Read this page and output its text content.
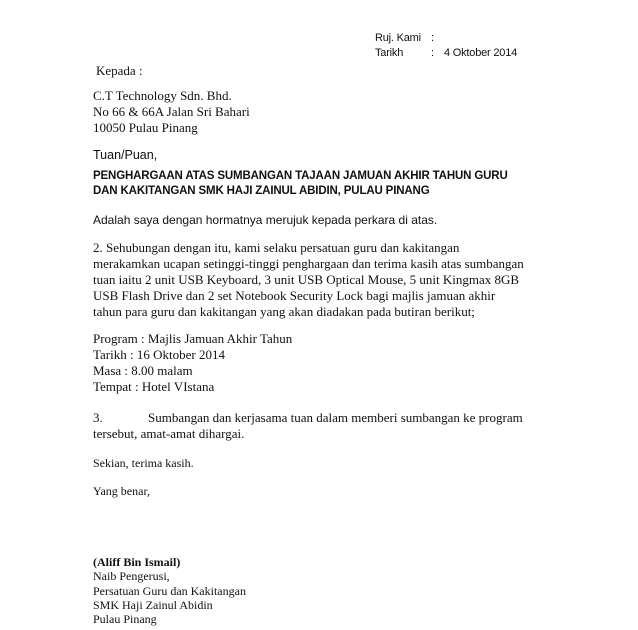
Ruj. Kami :
Tarikh	: 4 Oktober 2014
Kepada :
C.T Technology Sdn. Bhd.
No 66 & 66A Jalan Sri Bahari
10050 Pulau Pinang
Tuan/Puan,
PENGHARGAAN ATAS SUMBANGAN TAJAAN JAMUAN AKHIR TAHUN GURU
DAN KAKITANGAN SMK HAJI ZAINUL ABIDIN, PULAU PINANG
Adalah saya dengan hormatnya merujuk kepada perkara di atas.
2. Sehubungan dengan itu, kami selaku persatuan guru dan kakitangan
merakamkan ucapan setinggi-tinggi penghargaan dan terima kasih atas sumbangan
tuan iaitu 2 unit USB Keyboard, 3 unit USB Optical Mouse, 5 unit Kingmax 8GB
USB Flash Drive dan 2 set Notebook Security Lock bagi majlis jamuan akhir
tahun para guru dan kakitangan yang akan diadakan pada butiran berikut;
Program : Majlis Jamuan Akhir Tahun
Tarikh : 16 Oktober 2014
Masa : 8.00 malam
Tempat : Hotel VIstana
3.	Sumbangan dan kerjasama tuan dalam memberi sumbangan ke program
tersebut, amat-amat dihargai.
Sekian, terima kasih.
Yang benar,
(Aliff Bin Ismail)
Naib Pengerusi,
Persatuan Guru dan Kakitangan
SMK Haji Zainul Abidin
Pulau Pinang
